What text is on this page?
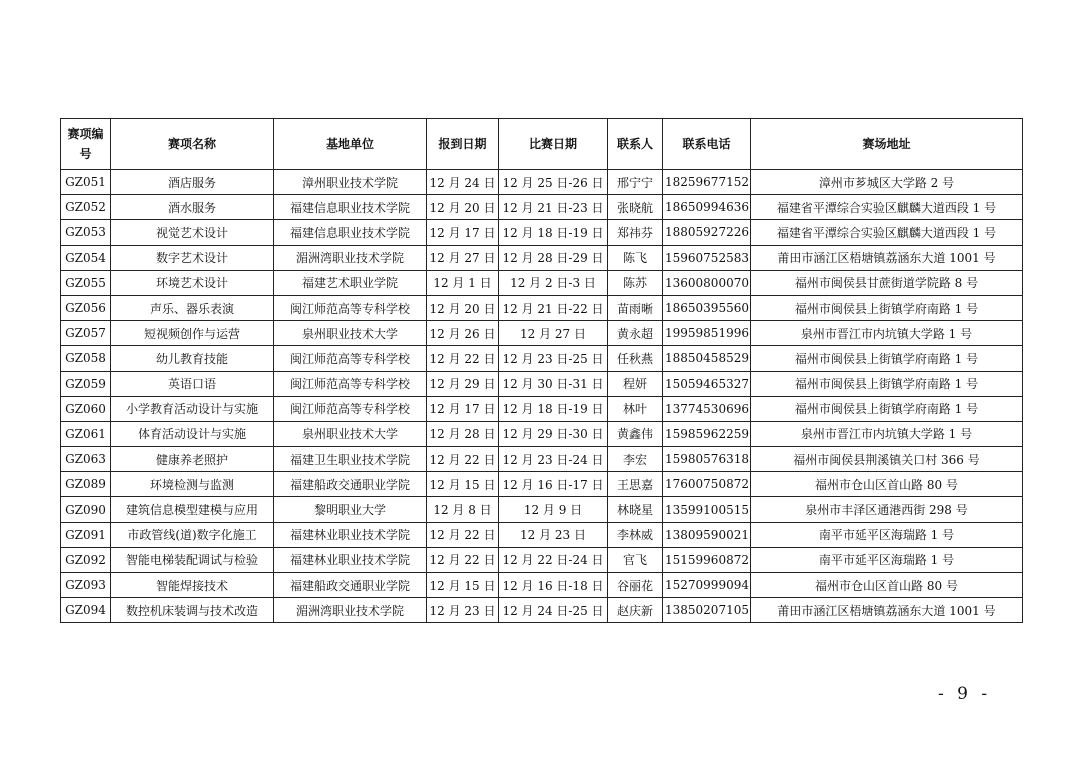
赛项编号	赛项名称	基地单位	报到日期	比赛日期	联系人	联系电话	赛场地址
GZ051	酒店服务	漳州职业技术学院	12 月 24 日	12 月 25 日-26 日	邢宁宁	18259677152	漳州市芗城区大学路 2 号
GZ052	酒水服务	福建信息职业技术学院	12 月 20 日	12 月 21 日-23 日	张晓航	18650994636	福建省平潭综合实验区麒麟大道西段 1 号
GZ053	视觉艺术设计	福建信息职业技术学院	12 月 17 日	12 月 18 日-19 日	郑祎芬	18805927226	福建省平潭综合实验区麒麟大道西段 1 号
GZ054	数字艺术设计	湄洲湾职业技术学院	12 月 27 日	12 月 28 日-29 日	陈飞	15960752583	莆田市涵江区梧塘镇荔涵东大道 1001 号
GZ055	环境艺术设计	福建艺术职业学院	12 月 1 日	12 月 2 日-3 日	陈苏	13600800070	福州市闽侯县甘蔗街道学院路 8 号
GZ056	声乐、器乐表演	闽江师范高等专科学校	12 月 20 日	12 月 21 日-22 日	苗雨晰	18650395560	福州市闽侯县上街镇学府南路 1 号
GZ057	短视频创作与运营	泉州职业技术大学	12 月 26 日	12 月 27 日	黄永超	19959851996	泉州市晋江市内坑镇大学路 1 号
GZ058	幼儿教育技能	闽江师范高等专科学校	12 月 22 日	12 月 23 日-25 日	任秋燕	18850458529	福州市闽侯县上街镇学府南路 1 号
GZ059	英语口语	闽江师范高等专科学校	12 月 29 日	12 月 30 日-31 日	程妍	15059465327	福州市闽侯县上街镇学府南路 1 号
GZ060	小学教育活动设计与实施	闽江师范高等专科学校	12 月 17 日	12 月 18 日-19 日	林叶	13774530696	福州市闽侯县上街镇学府南路 1 号
GZ061	体育活动设计与实施	泉州职业技术大学	12 月 28 日	12 月 29 日-30 日	黄鑫伟	15985962259	泉州市晋江市内坑镇大学路 1 号
GZ063	健康养老照护	福建卫生职业技术学院	12 月 22 日	12 月 23 日-24 日	李宏	15980576318	福州市闽侯县荆溪镇关口村 366 号
GZ089	环境检测与监测	福建船政交通职业学院	12 月 15 日	12 月 16 日-17 日	王思嘉	17600750872	福州市仓山区首山路 80 号
GZ090	建筑信息模型建模与应用	黎明职业大学	12 月 8 日	12 月 9 日	林晓星	13599100515	泉州市丰泽区通港西街 298 号
GZ091	市政管线(道)数字化施工	福建林业职业技术学院	12 月 22 日	12 月 23 日	李林威	13809590021	南平市延平区海瑞路 1 号
GZ092	智能电梯装配调试与检验	福建林业职业技术学院	12 月 22 日	12 月 22 日-24 日	官飞	15159960872	南平市延平区海瑞路 1 号
GZ093	智能焊接技术	福建船政交通职业学院	12 月 15 日	12 月 16 日-18 日	谷丽花	15270999094	福州市仓山区首山路 80 号
GZ094	数控机床装调与技术改造	湄洲湾职业技术学院	12 月 23 日	12 月 24 日-25 日	赵庆新	13850207105	莆田市涵江区梧塘镇荔涵东大道 1001 号
- 9 -
